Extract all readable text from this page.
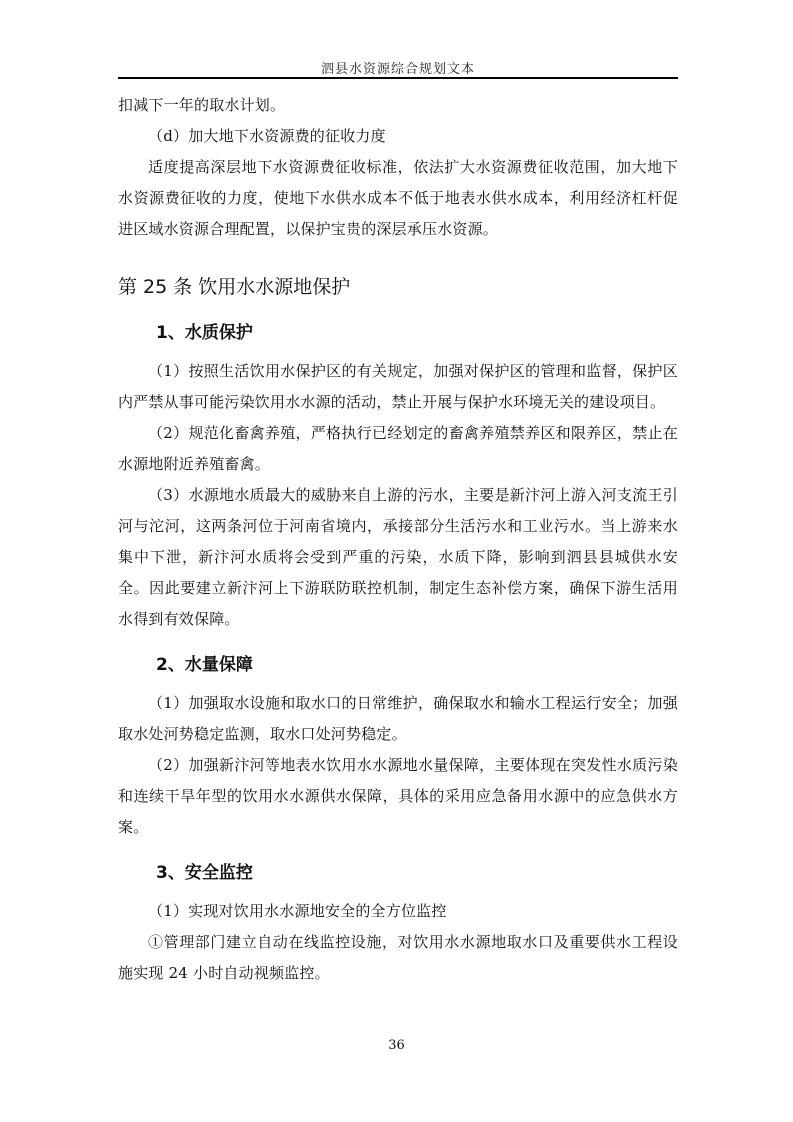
泗县水资源综合规划文本

扣减下一年的取水计划。

（d）加大地下水资源费的征收力度

适度提高深层地下水资源费征收标准，依法扩大水资源费征收范围，加大地下水资源费征收的力度，使地下水供水成本不低于地表水供水成本，利用经济杠杆促进区域水资源合理配置，以保护宝贵的深层承压水资源。

第 25 条 饮用水水源地保护
1、水质保护

（1）按照生活饮用水保护区的有关规定，加强对保护区的管理和监督，保护区内严禁从事可能污染饮用水水源的活动，禁止开展与保护水环境无关的建设项目。

（2）规范化畜禽养殖，严格执行已经划定的畜禽养殖禁养区和限养区，禁止在水源地附近养殖畜禽。

（3）水源地水质最大的威胁来自上游的污水，主要是新汴河上游入河支流王引河与沱河，这两条河位于河南省境内，承接部分生活污水和工业污水。当上游来水集中下泄，新汴河水质将会受到严重的污染，水质下降，影响到泗县县城供水安全。因此要建立新汴河上下游联防联控机制，制定生态补偿方案，确保下游生活用水得到有效保障。

2、水量保障

（1）加强取水设施和取水口的日常维护，确保取水和输水工程运行安全；加强取水处河势稳定监测，取水口处河势稳定。

（2）加强新汴河等地表水饮用水水源地水量保障，主要体现在突发性水质污染和连续干旱年型的饮用水水源供水保障，具体的采用应急备用水源中的应急供水方案。

3、安全监控

（1）实现对饮用水水源地安全的全方位监控

①管理部门建立自动在线监控设施，对饮用水水源地取水口及重要供水工程设施实现 24 小时自动视频监控。

36
